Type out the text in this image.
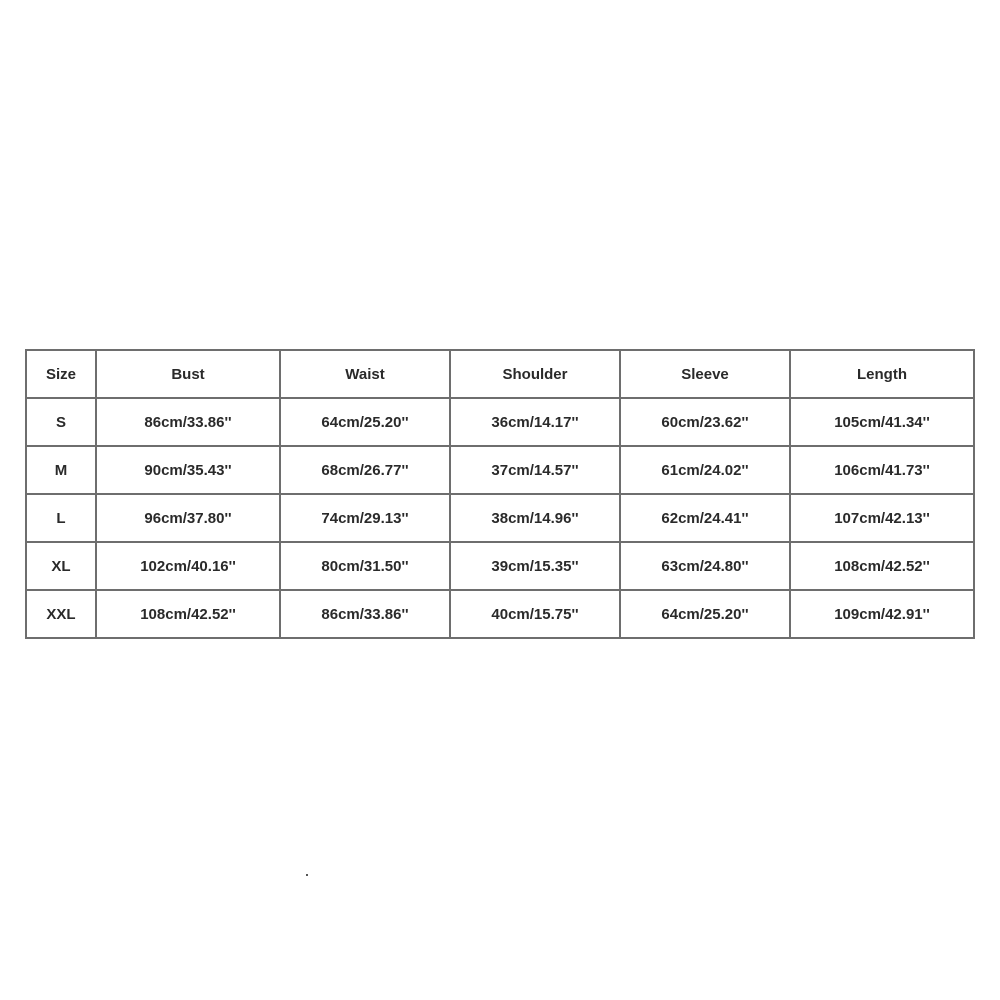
Size	Bust	Waist	Shoulder	Sleeve	Length
S	86cm/33.86''	64cm/25.20''	36cm/14.17''	60cm/23.62''	105cm/41.34''
M	90cm/35.43''	68cm/26.77''	37cm/14.57''	61cm/24.02''	106cm/41.73''
L	96cm/37.80''	74cm/29.13''	38cm/14.96''	62cm/24.41''	107cm/42.13''
XL	102cm/40.16''	80cm/31.50''	39cm/15.35''	63cm/24.80''	108cm/42.52''
XXL	108cm/42.52''	86cm/33.86''	40cm/15.75''	64cm/25.20''	109cm/42.91''
